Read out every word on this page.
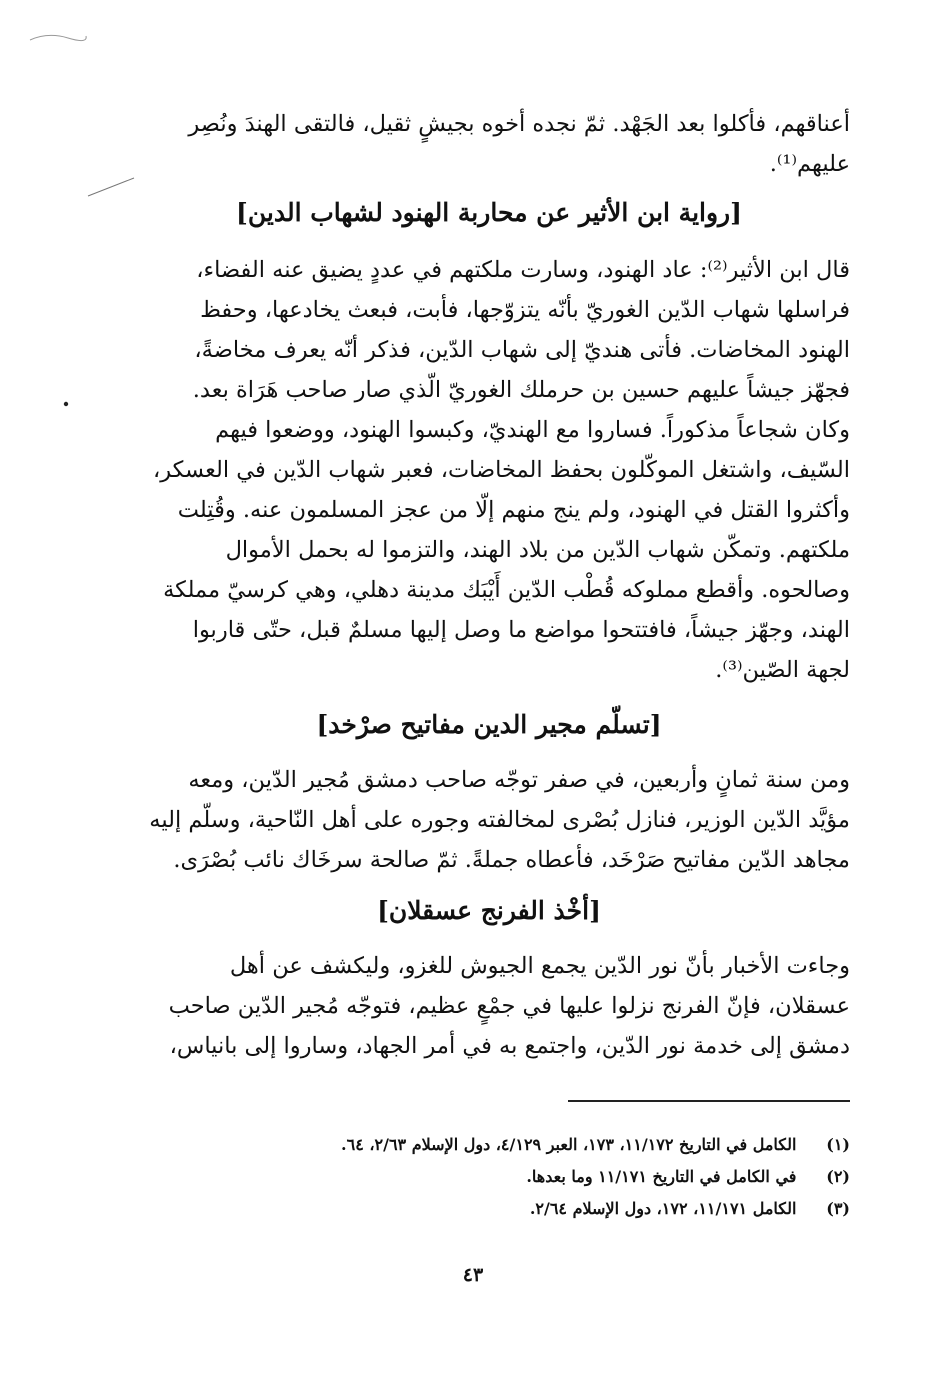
أعناقهم، فأكلوا بعد الجَهْد. ثمّ نجده أخوه بجيشٍ ثقيل، فالتقى الهندَ ونُصِر
عليهم⁽¹⁾.
[رواية ابن الأثير عن محاربة الهنود لشهاب الدين]
قال ابن الأثير⁽²⁾: عاد الهنود، وسارت ملكتهم في عددٍ يضيق عنه الفضاء،
فراسلها شهاب الدّين الغوريّ بأنّه يتزوّجها، فأبت، فبعث يخادعها، وحفظ
الهنود المخاضات. فأتى هنديّ إلى شهاب الدّين، فذكر أنّه يعرف مخاضةً،
فجهّز جيشاً عليهم حسين بن حرملك الغوريّ الّذي صار صاحب هَرَاة بعد.
وكان شجاعاً مذكوراً. فساروا مع الهنديّ، وكبسوا الهنود، ووضعوا فيهم
السّيف، واشتغل الموكّلون بحفظ المخاضات، فعبر شهاب الدّين في العسكر،
وأكثروا القتل في الهنود، ولم ينج منهم إلّا من عجز المسلمون عنه. وقُتِلت
ملكتهم. وتمكّن شهاب الدّين من بلاد الهند، والتزموا له بحمل الأموال
وصالحوه. وأقطع مملوكه قُطْب الدّين أَيْبَك مدينة دهلي، وهي كرسيّ مملكة
الهند، وجهّز جيشاً، فافتتحوا مواضع ما وصل إليها مسلمٌ قبل، حتّى قاربوا
لجهة الصّين⁽³⁾.
[تسلّم مجير الدين مفاتيح صرْخد]
ومن سنة ثمانٍ وأربعين، في صفر توجّه صاحب دمشق مُجير الدّين، ومعه
مؤيَّد الدّين الوزير، فنازل بُصْرى لمخالفته وجوره على أهل النّاحية، وسلّم إليه
مجاهد الدّين مفاتيح صَرْخَد، فأعطاه جملةً. ثمّ صالحة سرخَاك نائب بُصْرَى.
[أخْذ الفرنج عسقلان]
وجاءت الأخبار بأنّ نور الدّين يجمع الجيوش للغزو، وليكشف عن أهل
عسقلان، فإنّ الفرنج نزلوا عليها في جمْعٍ عظيم، فتوجّه مُجير الدّين صاحب
دمشق إلى خدمة نور الدّين، واجتمع به في أمر الجهاد، وساروا إلى بانياس،
(١) الكامل في التاريخ ١١/١٧٢، ١٧٣، العبر ٤/١٢٩، دول الإسلام ٢/٦٣، ٦٤.
(٢) في الكامل في التاريخ ١١/١٧١ وما بعدها.
(٣) الكامل ١١/١٧١، ١٧٢، دول الإسلام ٢/٦٤.
٤٣
